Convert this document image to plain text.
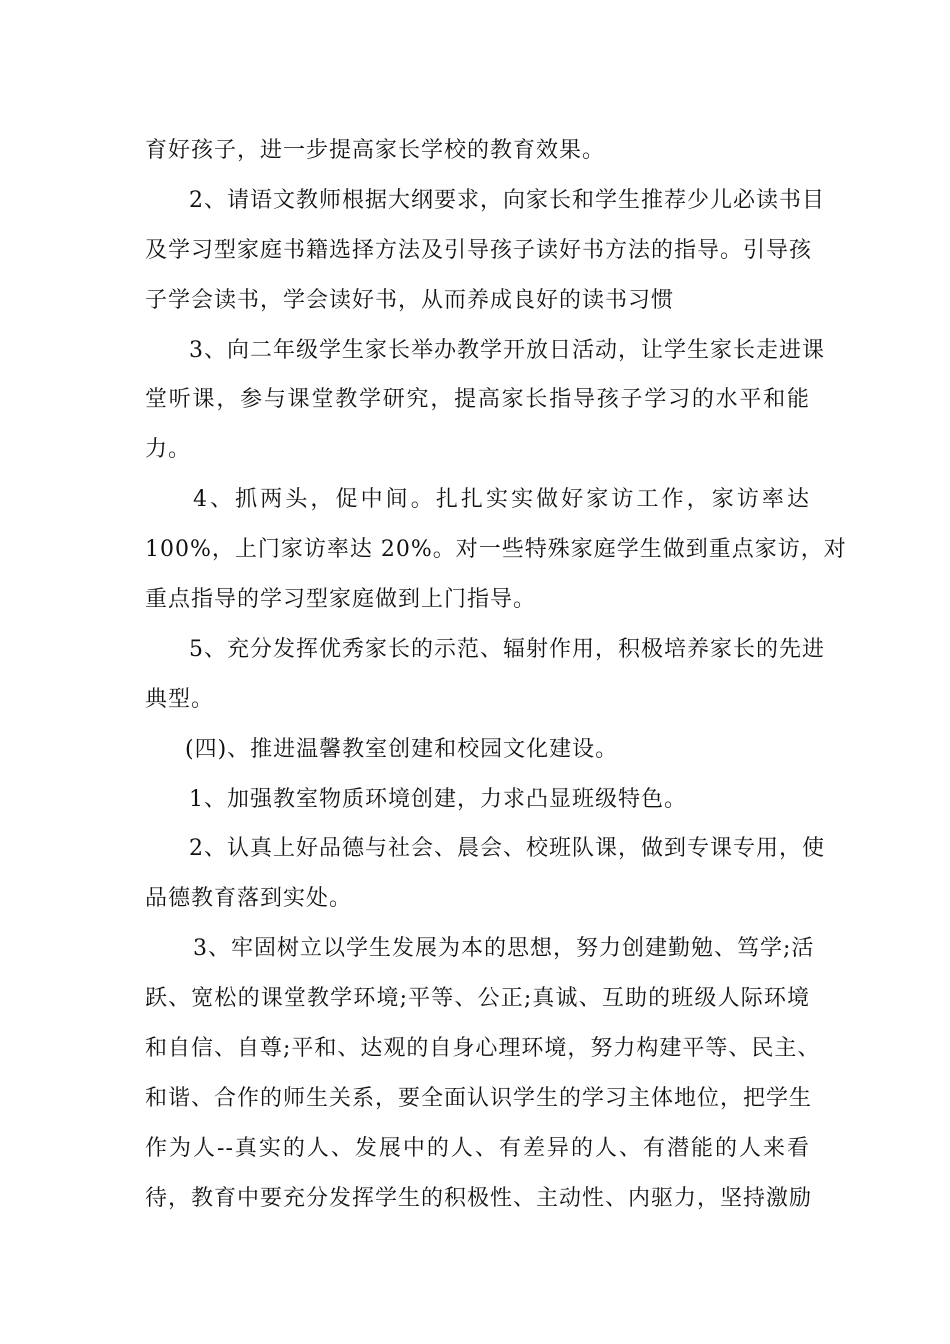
育好孩子，进一步提高家长学校的教育效果。
2、请语文教师根据大纲要求，向家长和学生推荐少儿必读书目
及学习型家庭书籍选择方法及引导孩子读好书方法的指导。引导孩
子学会读书，学会读好书，从而养成良好的读书习惯
3、向二年级学生家长举办教学开放日活动，让学生家长走进课
堂听课，参与课堂教学研究，提高家长指导孩子学习的水平和能
力。
4、抓两头，促中间。扎扎实实做好家访工作，家访率达
100%，上门家访率达 20%。对一些特殊家庭学生做到重点家访，对
重点指导的学习型家庭做到上门指导。
5、充分发挥优秀家长的示范、辐射作用，积极培养家长的先进
典型。
(四)、推进温馨教室创建和校园文化建设。
1、加强教室物质环境创建，力求凸显班级特色。
2、认真上好品德与社会、晨会、校班队课，做到专课专用，使
品德教育落到实处。
3、牢固树立以学生发展为本的思想，努力创建勤勉、笃学;活
跃、宽松的课堂教学环境;平等、公正;真诚、互助的班级人际环境
和自信、自尊;平和、达观的自身心理环境，努力构建平等、民主、
和谐、合作的师生关系，要全面认识学生的学习主体地位，把学生
作为人--真实的人、发展中的人、有差异的人、有潜能的人来看
待，教育中要充分发挥学生的积极性、主动性、内驱力，坚持激励
